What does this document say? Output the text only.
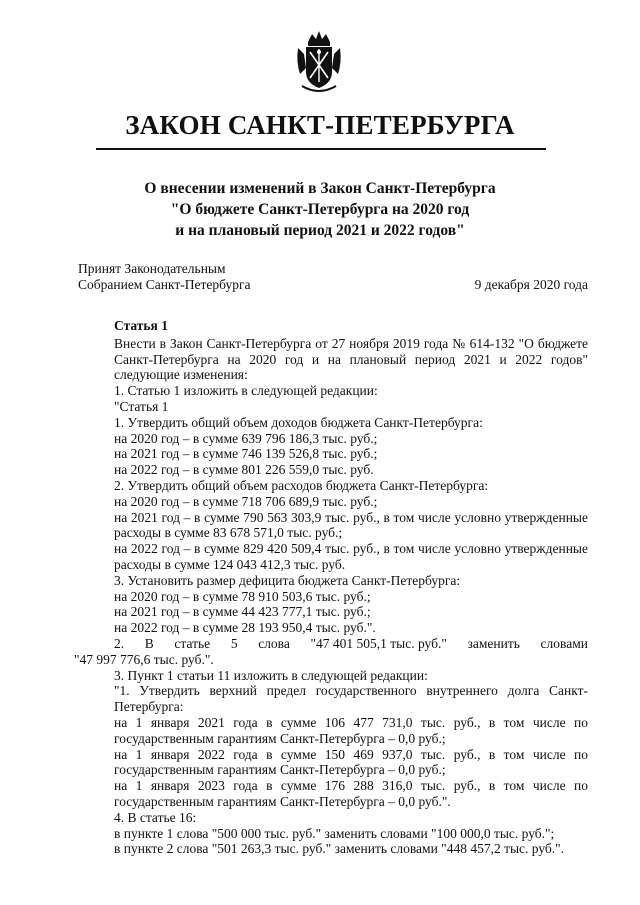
ЗАКОН САНКТ-ПЕТЕРБУРГА
О внесении изменений в Закон Санкт-Петербурга
"О бюджете Санкт-Петербурга на 2020 год
и на плановый период 2021 и 2022 годов"
Принят Законодательным
Собранием Санкт-Петербурга	9 декабря 2020 года

Статья 1

Внести в Закон Санкт-Петербурга от 27 ноября 2019 года № 614-132 "О бюджете Санкт-Петербурга на 2020 год и на плановый период 2021 и 2022 годов" следующие изменения:

1. Статью 1 изложить в следующей редакции:

"Статья 1

1. Утвердить общий объем доходов бюджета Санкт-Петербурга:

на 2020 год – в сумме 639 796 186,3 тыс. руб.;

на 2021 год – в сумме 746 139 526,8 тыс. руб.;

на 2022 год – в сумме 801 226 559,0 тыс. руб.

2. Утвердить общий объем расходов бюджета Санкт-Петербурга:

на 2020 год – в сумме 718 706 689,9 тыс. руб.;

на 2021 год – в сумме 790 563 303,9 тыс. руб., в том числе условно утвержденные расходы в сумме 83 678 571,0 тыс. руб.;

на 2022 год – в сумме 829 420 509,4 тыс. руб., в том числе условно утвержденные расходы в сумме 124 043 412,3 тыс. руб.

3. Установить размер дефицита бюджета Санкт-Петербурга:

на 2020 год – в сумме 78 910 503,6 тыс. руб.;

на 2021 год – в сумме 44 423 777,1 тыс. руб.;

на 2022 год – в сумме 28 193 950,4 тыс. руб.".

2. В статье 5 слова "47 401 505,1 тыс. руб." заменить словами

"47 997 776,6 тыс. руб.".

3. Пункт 1 статьи 11 изложить в следующей редакции:

"1. Утвердить верхний предел государственного внутреннего долга Санкт-Петербурга:

на 1 января 2021 года в сумме 106 477 731,0 тыс. руб., в том числе по государственным гарантиям Санкт-Петербурга – 0,0 руб.;

на 1 января 2022 года в сумме 150 469 937,0 тыс. руб., в том числе по государственным гарантиям Санкт-Петербурга – 0,0 руб.;

на 1 января 2023 года в сумме 176 288 316,0 тыс. руб., в том числе по государственным гарантиям Санкт-Петербурга – 0,0 руб.".

4. В статье 16:

в пункте 1 слова "500 000 тыс. руб." заменить словами "100 000,0 тыс. руб.";

в пункте 2 слова "501 263,3 тыс. руб." заменить словами "448 457,2 тыс. руб.".
